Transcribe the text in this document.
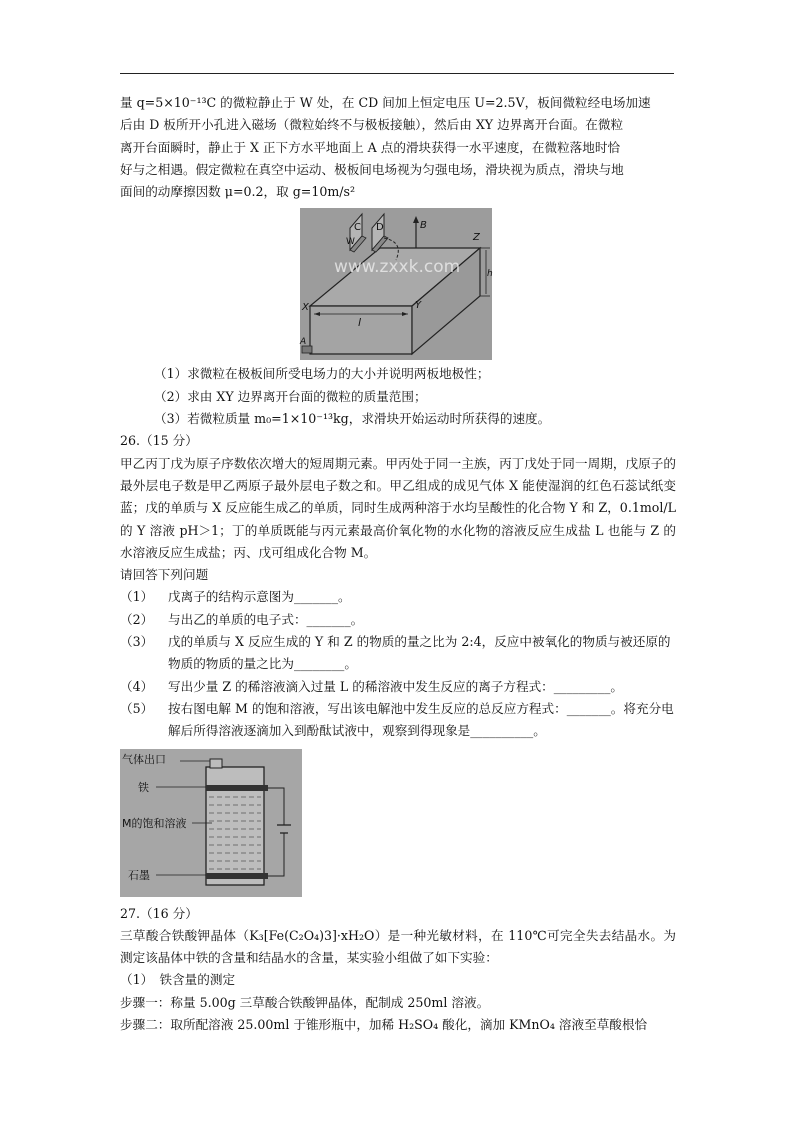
量 q=5×10⁻¹³C 的微粒静止于 W 处，在 CD 间加上恒定电压 U=2.5V，板间微粒经电场加速

后由 D 板所开小孔进入磁场（微粒始终不与极板接触），然后由 XY 边界离开台面。在微粒

离开台面瞬时，静止于 X 正下方水平地面上 A 点的滑块获得一水平速度，在微粒落地时恰

好与之相遇。假定微粒在真空中运动、极板间电场视为匀强电场，滑块视为质点，滑块与地

面间的动摩擦因数 μ=0.2，取 g=10m/s²

www.zxxk.com
C D
W
B
Z
X	Y
l
h
A

（1）求微粒在极板间所受电场力的大小并说明两板地极性；

（2）求由 XY 边界离开台面的微粒的质量范围；

（3）若微粒质量 m₀=1×10⁻¹³kg，求滑块开始运动时所获得的速度。

26.（15 分）

甲乙丙丁戊为原子序数依次增大的短周期元素。甲丙处于同一主族，丙丁戊处于同一周期，戊原子的最外层电子数是甲乙两原子最外层电子数之和。甲乙组成的成见气体 X 能使湿润的红色石蕊试纸变蓝；戊的单质与 X 反应能生成乙的单质，同时生成两种溶于水均呈酸性的化合物 Y 和 Z，0.1mol/L 的 Y 溶液 pH＞1；丁的单质既能与丙元素最高价氧化物的水化物的溶液反应生成盐 L 也能与 Z 的水溶液反应生成盐；丙、戊可组成化合物 M。

请回答下列问题

（1）	戊离子的结构示意图为_______。
（2）	与出乙的单质的电子式：_______。
（3）	戊的单质与 X 反应生成的 Y 和 Z 的物质的量之比为 2:4，反应中被氧化的物质与被还原的物质的物质的量之比为________。
（4）	写出少量 Z 的稀溶液滴入过量 L 的稀溶液中发生反应的离子方程式：_________。
（5）	按右图电解 M 的饱和溶液，写出该电解池中发生反应的总反应方程式：_______。将充分电解后所得溶液逐滴加入到酚酞试液中，观察到得现象是__________。
气体出口
铁
M的饱和溶液
石墨

27.（16 分）

三草酸合铁酸钾晶体（K₃[Fe(C₂O₄)3]·xH₂O）是一种光敏材料，在 110℃可完全失去结晶水。为测定该晶体中铁的含量和结晶水的含量，某实验小组做了如下实验：

（1）　铁含量的测定

步骤一：称量 5.00g 三草酸合铁酸钾晶体，配制成 250ml 溶液。

步骤二：取所配溶液 25.00ml 于锥形瓶中，加稀 H₂SO₄ 酸化，滴加 KMnO₄ 溶液至草酸根恰
